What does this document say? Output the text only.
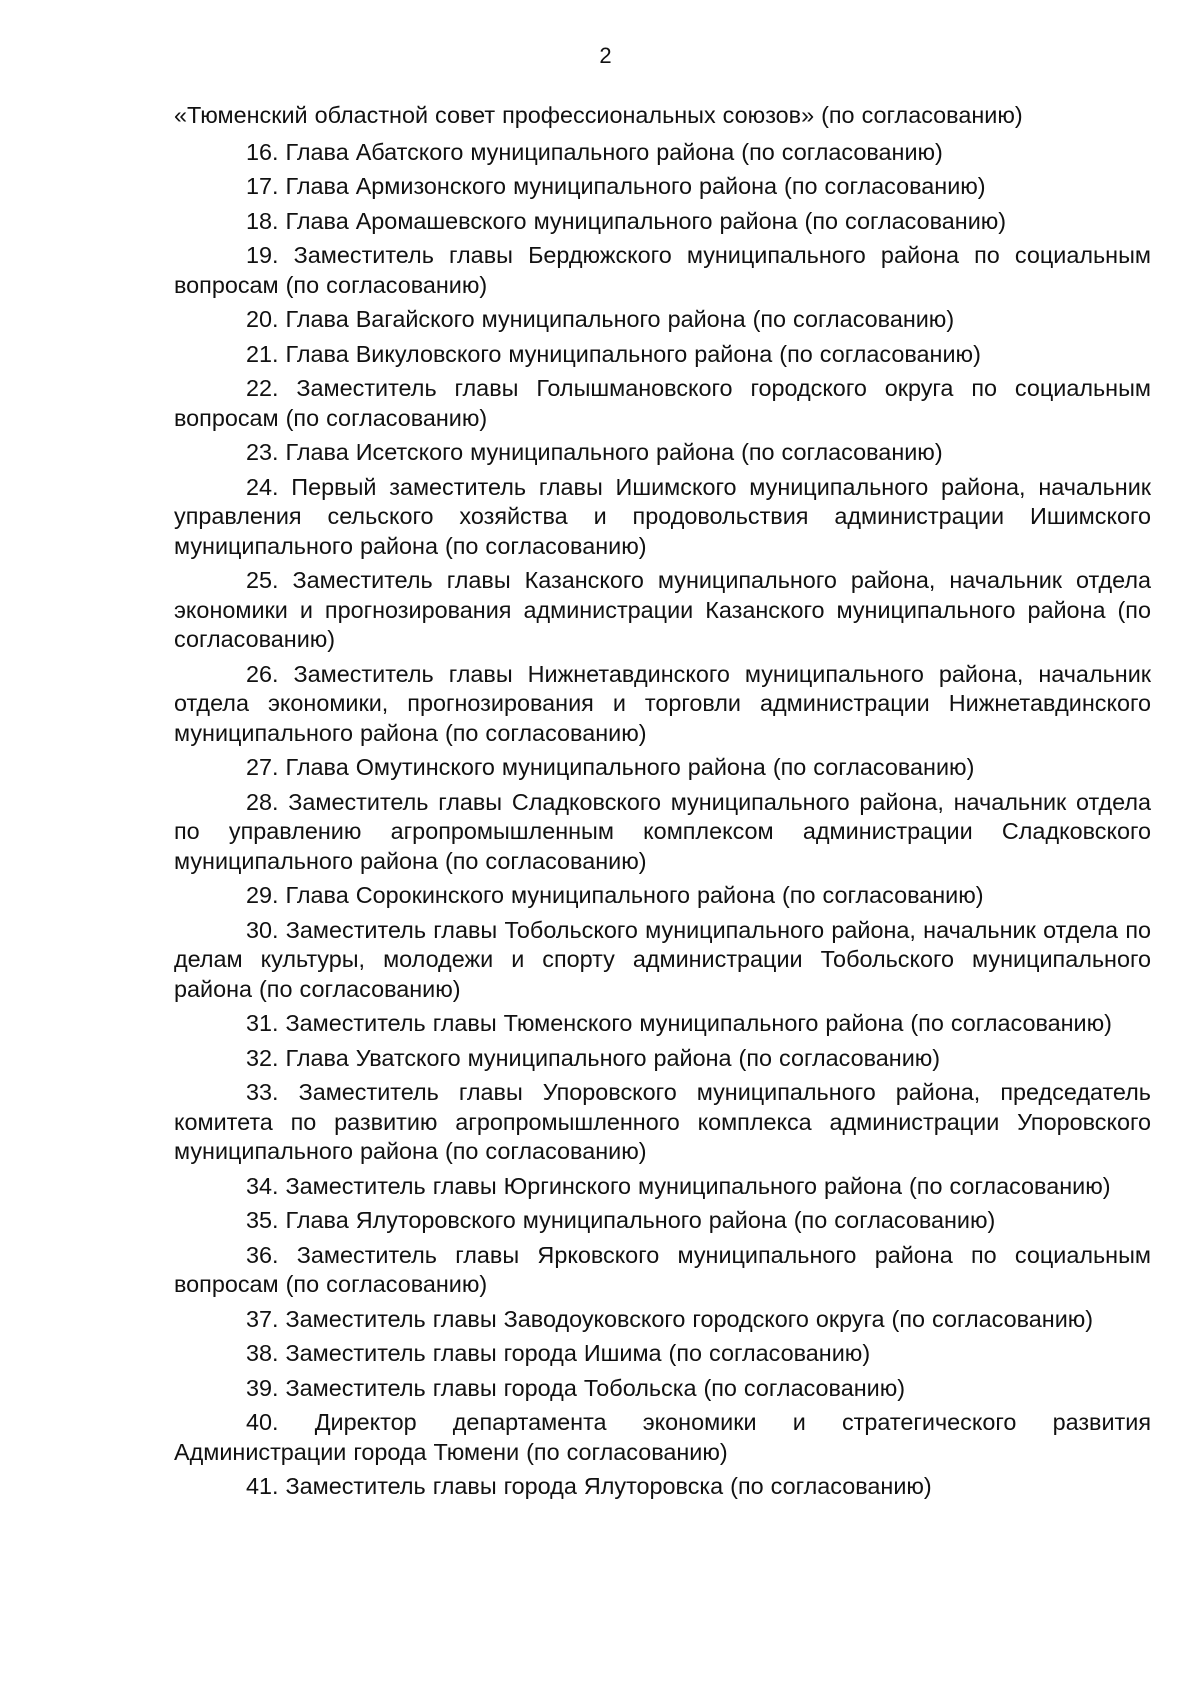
2

«Тюменский областной совет профессиональных союзов» (по согласованию)

16. Глава Абатского муниципального района (по согласованию)

17. Глава Армизонского муниципального района (по согласованию)

18. Глава Аромашевского муниципального района (по согласованию)

19. Заместитель главы Бердюжского муниципального района по социальным вопросам (по согласованию)

20. Глава Вагайского муниципального района (по согласованию)

21. Глава Викуловского муниципального района (по согласованию)

22. Заместитель главы Голышмановского городского округа по социальным вопросам (по согласованию)

23. Глава Исетского муниципального района (по согласованию)

24. Первый заместитель главы Ишимского муниципального района, начальник управления сельского хозяйства и продовольствия администрации Ишимского муниципального района (по согласованию)

25. Заместитель главы Казанского муниципального района, начальник отдела экономики и прогнозирования администрации Казанского муниципального района (по согласованию)

26. Заместитель главы Нижнетавдинского муниципального района, начальник отдела экономики, прогнозирования и торговли администрации Нижнетавдинского муниципального района (по согласованию)

27. Глава Омутинского муниципального района (по согласованию)

28. Заместитель главы Сладковского муниципального района, начальник отдела по управлению агропромышленным комплексом администрации Сладковского муниципального района (по согласованию)

29. Глава Сорокинского муниципального района (по согласованию)

30. Заместитель главы Тобольского муниципального района, начальник отдела по делам культуры, молодежи и спорту администрации Тобольского муниципального района (по согласованию)

31. Заместитель главы Тюменского муниципального района (по согласованию)

32. Глава Уватского муниципального района (по согласованию)

33. Заместитель главы Упоровского муниципального района, председатель комитета по развитию агропромышленного комплекса администрации Упоровского муниципального района (по согласованию)

34. Заместитель главы Юргинского муниципального района (по согласованию)

35. Глава Ялуторовского муниципального района (по согласованию)

36. Заместитель главы Ярковского муниципального района по социальным вопросам (по согласованию)

37. Заместитель главы Заводоуковского городского округа (по согласованию)

38. Заместитель главы города Ишима (по согласованию)

39. Заместитель главы города Тобольска (по согласованию)

40. Директор департамента экономики и стратегического развития Администрации города Тюмени (по согласованию)

41. Заместитель главы города Ялуторовска (по согласованию)
